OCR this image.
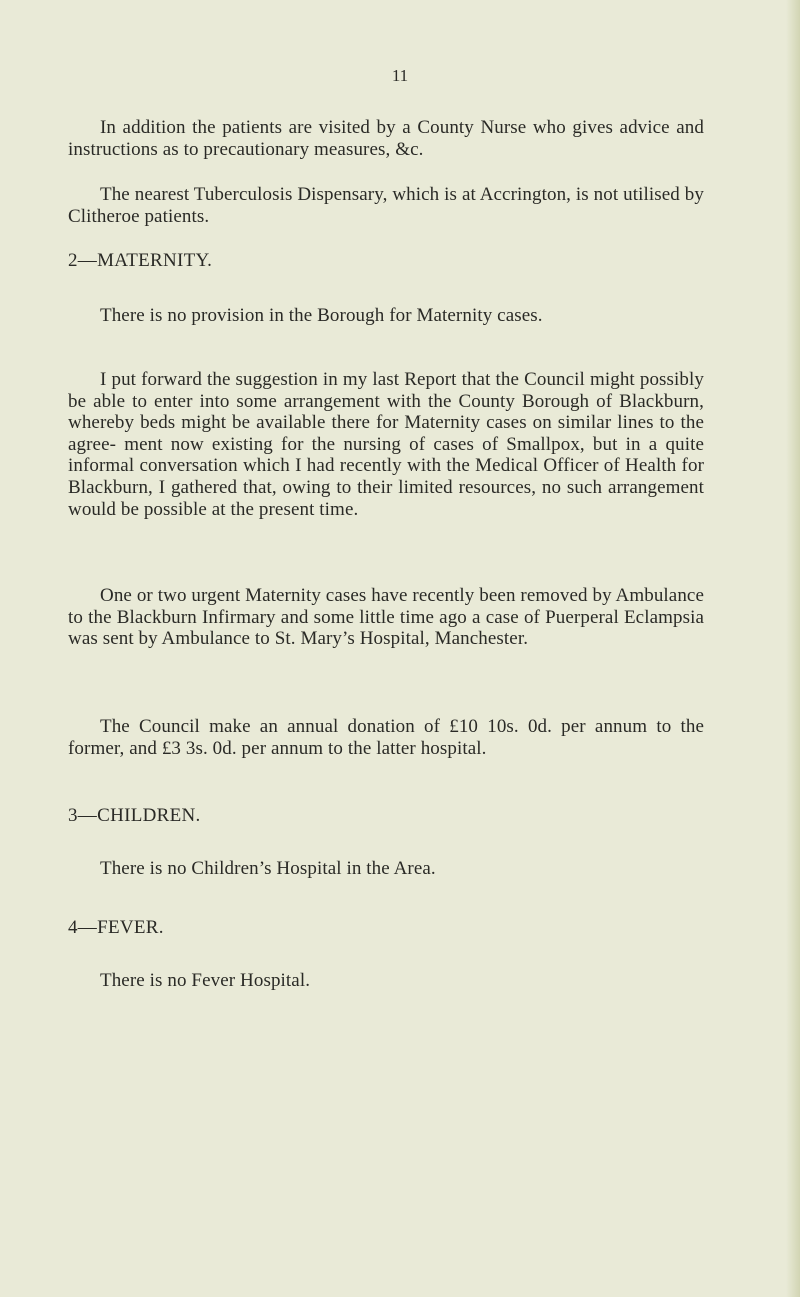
11

In addition the patients are visited by a County Nurse who gives advice and instructions as to precautionary measures, &c.

The nearest Tuberculosis Dispensary, which is at Accrington, is not utilised by Clitheroe patients.

2—MATERNITY.

There is no provision in the Borough for Maternity cases.

I put forward the suggestion in my last Report that the Council might possibly be able to enter into some arrangement with the County Borough of Blackburn, whereby beds might be available there for Maternity cases on similar lines to the agree- ment now existing for the nursing of cases of Smallpox, but in a quite informal conversation which I had recently with the Medical Officer of Health for Blackburn, I gathered that, owing to their limited resources, no such arrangement would be possible at the present time.

One or two urgent Maternity cases have recently been removed by Ambulance to the Blackburn Infirmary and some little time ago a case of Puerperal Eclampsia was sent by Ambulance to St. Mary’s Hospital, Manchester.

The Council make an annual donation of £10 10s. 0d. per annum to the former, and £3 3s. 0d. per annum to the latter hospital.

3—CHILDREN.

There is no Children’s Hospital in the Area.

4—FEVER.

There is no Fever Hospital.
